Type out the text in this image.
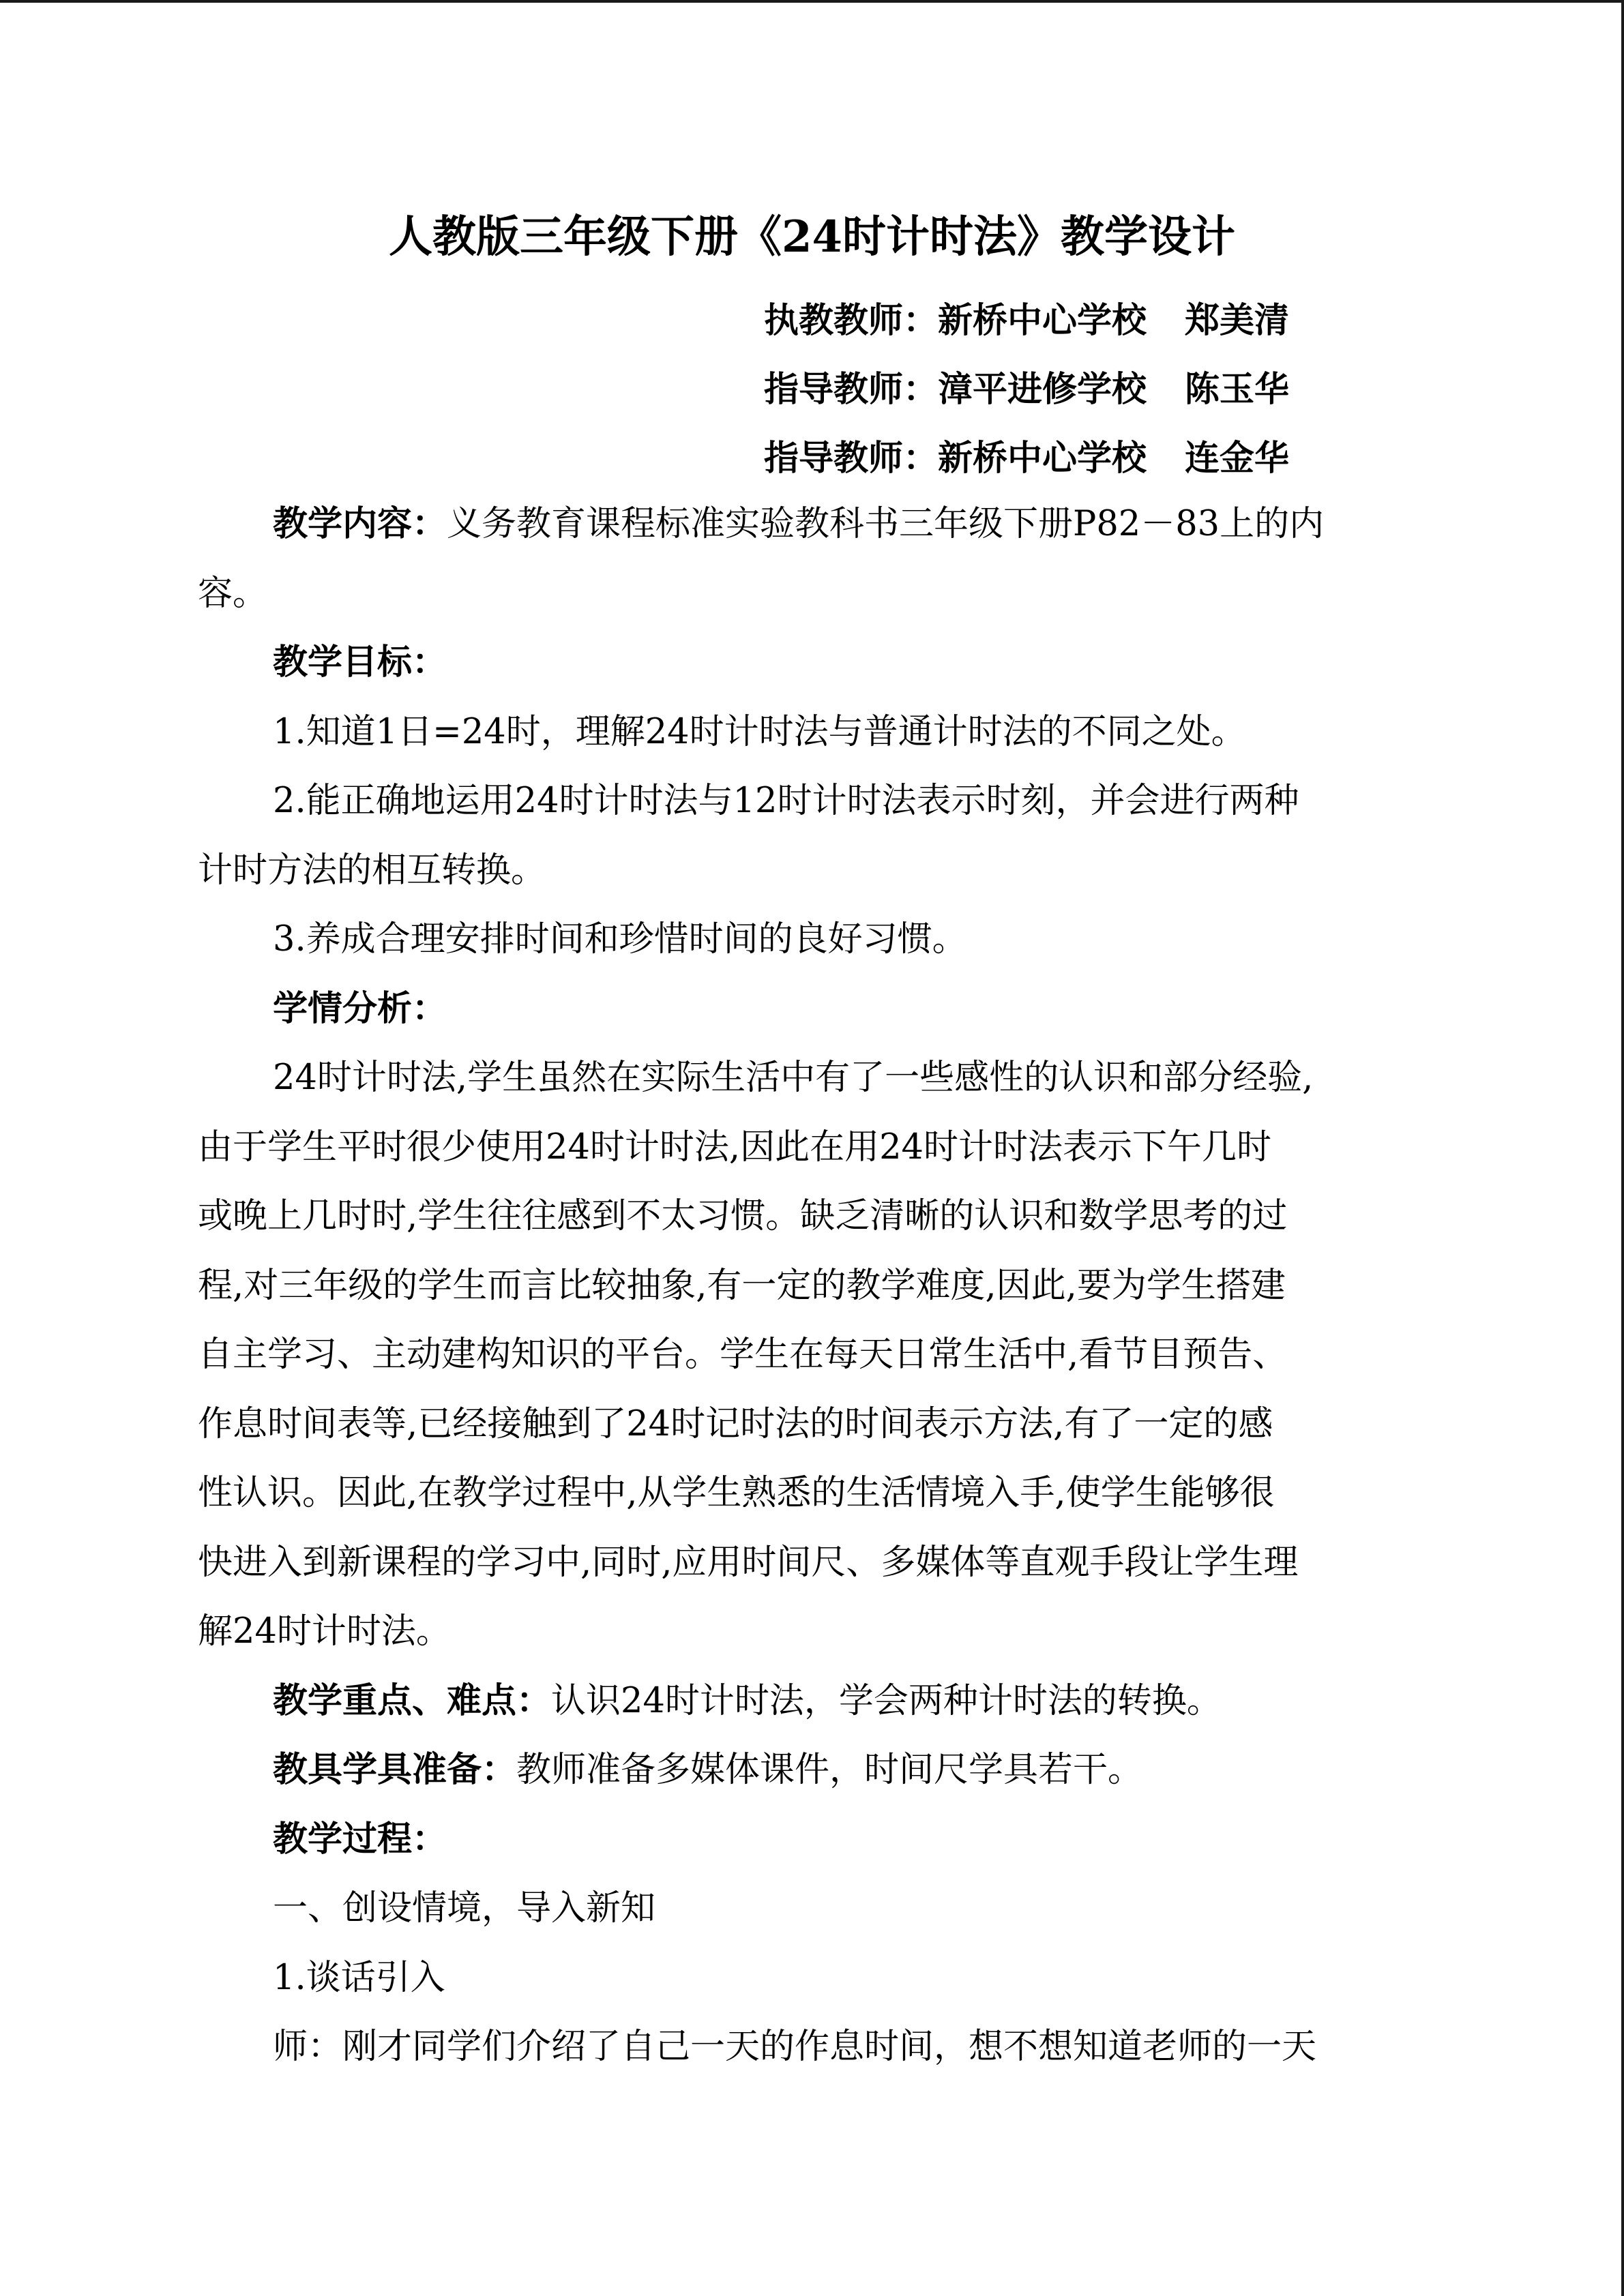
人教版三年级下册《24时计时法》教学设计
执教教师：新桥中心学校 郑美清
指导教师：漳平进修学校 陈玉华
指导教师：新桥中心学校 连金华

教学内容：义务教育课程标准实验教科书三年级下册P82－83上的内

容。

教学目标：

1.知道1日=24时，理解24时计时法与普通计时法的不同之处。

2.能正确地运用24时计时法与12时计时法表示时刻，并会进行两种

计时方法的相互转换。

3.养成合理安排时间和珍惜时间的良好习惯。

学情分析：

24时计时法,学生虽然在实际生活中有了一些感性的认识和部分经验,

由于学生平时很少使用24时计时法,因此在用24时计时法表示下午几时
或晚上几时时,学生往往感到不太习惯。缺乏清晰的认识和数学思考的过
程,对三年级的学生而言比较抽象,有一定的教学难度,因此,要为学生搭建
自主学习、主动建构知识的平台。学生在每天日常生活中,看节目预告、
作息时间表等,已经接触到了24时记时法的时间表示方法,有了一定的感
性认识。因此,在教学过程中,从学生熟悉的生活情境入手,使学生能够很
快进入到新课程的学习中,同时,应用时间尺、多媒体等直观手段让学生理
解24时计时法。

教学重点、难点：认识24时计时法，学会两种计时法的转换。

教具学具准备：教师准备多媒体课件，时间尺学具若干。

教学过程：

一、创设情境，导入新知

1.谈话引入

师：刚才同学们介绍了自己一天的作息时间，想不想知道老师的一天
